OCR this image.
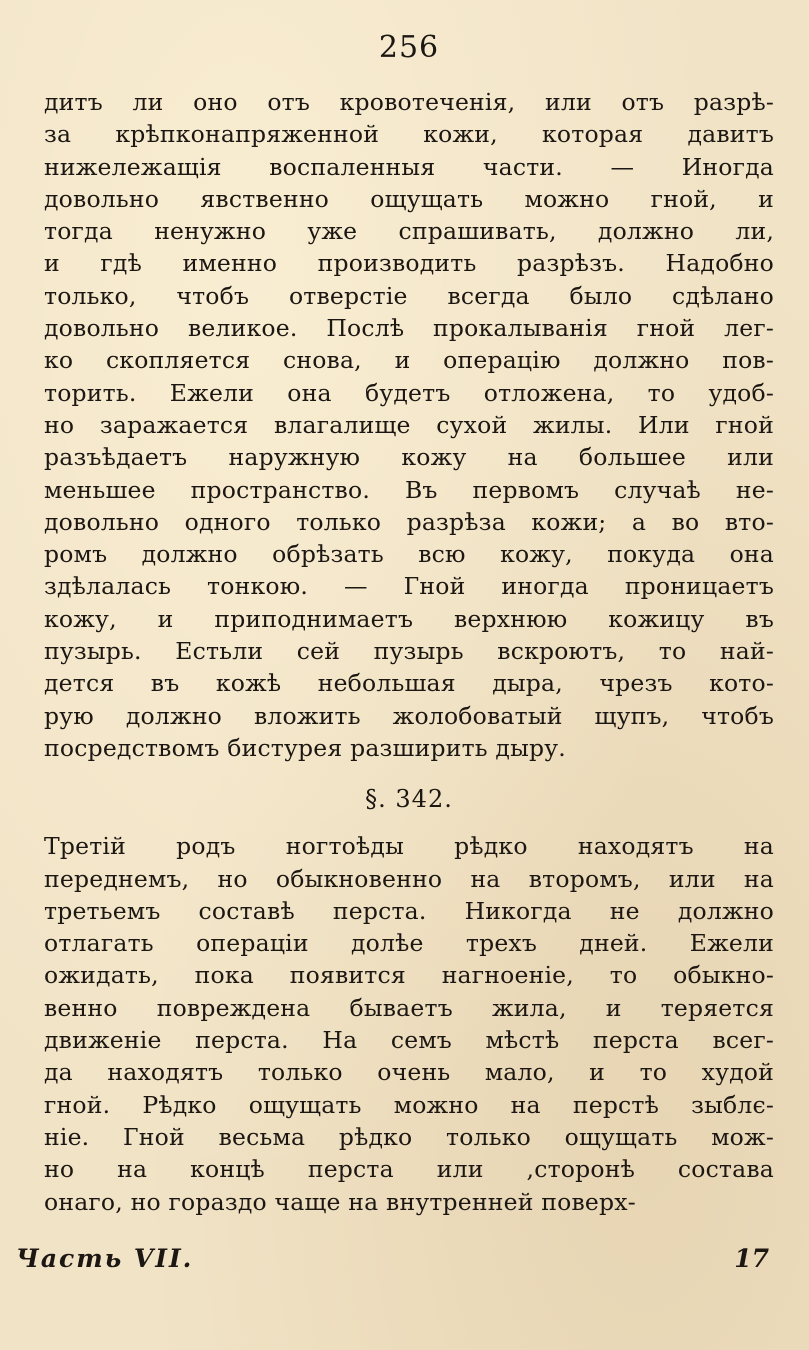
256
дитъ ли оно отъ кровотеченія, или отъ разрѣ-
за крѣпконапряженной кожи, которая давитъ
нижележащія воспаленныя части. — Иногда
довольно явственно ощущать можно гной, и
тогда ненужно уже спрашивать, должно ли,
и гдѣ именно производить разрѣзъ. Надобно
только, чтобъ отверстіе всегда было сдѣлано
довольно великое. Послѣ прокалыванія гной лег-
ко скопляется снова, и операцію должно пов-
торить. Ежели она будетъ отложена, то удоб-
но заражается влагалище сухой жилы. Или гной
разъѣдаетъ наружную кожу на большее или
меньшее пространство. Въ первомъ случаѣ не-
довольно одного только разрѣза кожи; а во вто-
ромъ должно обрѣзать всю кожу, покуда она
здѣлалась тонкою. — Гной иногда проницаетъ
кожу, и приподнимаетъ верхнюю кожицу въ
пузырь. Естьли сей пузырь вскроютъ, то най-
дется въ кожѣ небольшая дыра, чрезъ кото-
рую должно вложить жолобоватый щупъ, чтобъ
посредствомъ бистурея разширить дыру.
§. 342.
Третій родъ ногтоѣды рѣдко находятъ на
переднемъ, но обыкновенно на второмъ, или на
третьемъ составѣ перста. Никогда не должно
отлагать операціи долѣе трехъ дней. Ежели
ожидать, пока появится нагноеніе, то обыкно-
венно повреждена бываетъ жила, и теряется
движеніе перста. На семъ мѣстѣ перста всег-
да находятъ только очень мало, и то худой
гной. Рѣдко ощущать можно на перстѣ зыблє-
ніе. Гной весьма рѣдко только ощущать мож-
но на концѣ перста или ,сторонѣ состава
онаго, но гораздо чаще на внутренней поверх-
Часть VII.	17
